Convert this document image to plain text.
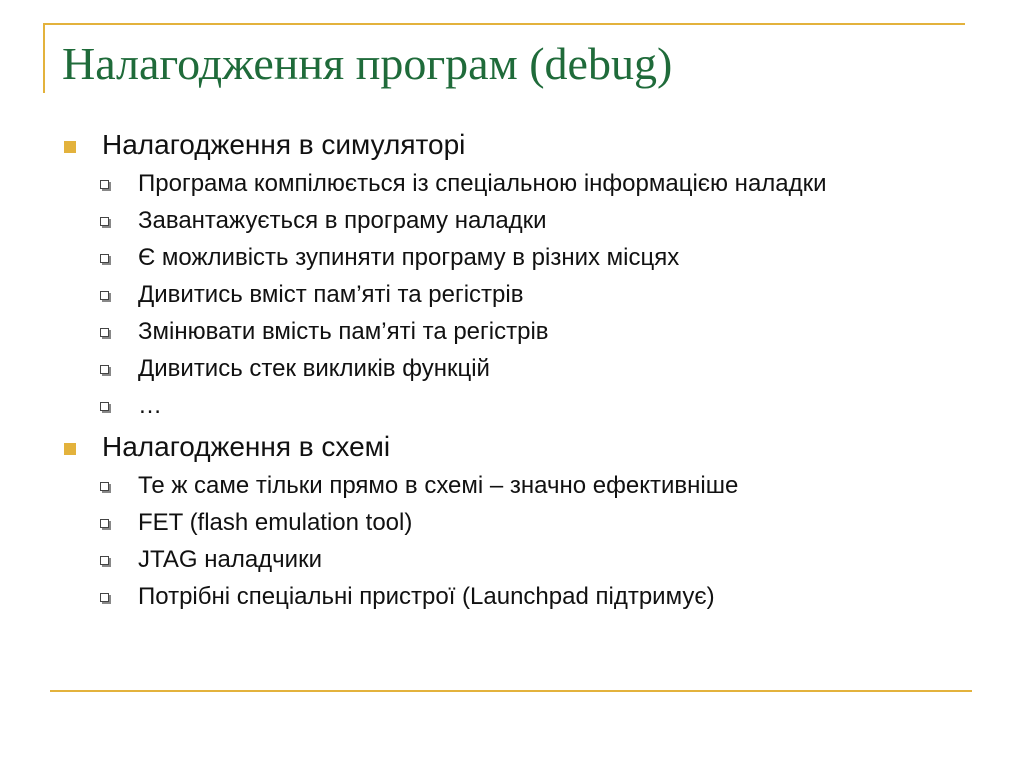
Налагодження програм (debug)
Налагодження в симуляторі
Програма компілюється із спеціальною інформацією наладки
Завантажується в програму наладки
Є можливість зупиняти програму в різних місцях
Дивитись вміст пам’яті та регістрів
Змінювати вмість пам’яті та регістрів
Дивитись стек викликів функцій
…
Налагодження в схемі
Те ж саме тільки прямо в схемі – значно ефективніше
FET (flash emulation tool)
JTAG наладчики
Потрібні спеціальні пристрої (Launchpad підтримує)
